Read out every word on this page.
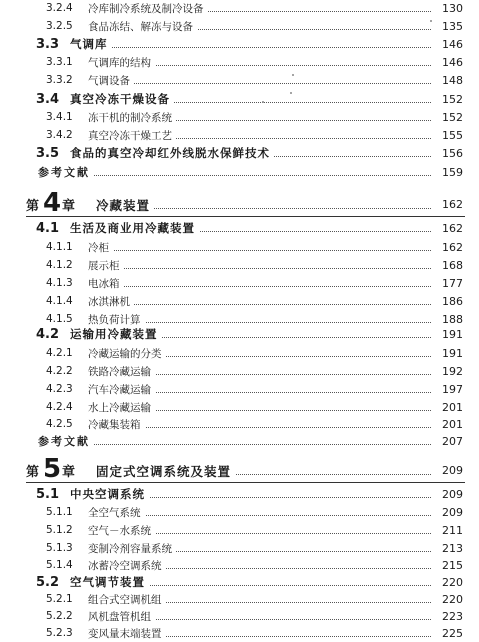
3.2.4 冷库制冷系统及制冷设备	130
3.2.5 食品冻结、解冻与设备	135
3.3 气调库	146
3.3.1 气调库的结构	146
3.3.2 气调设备	148
3.4 真空冷冻干燥设备	152
3.4.1 冻干机的制冷系统	152
3.4.2 真空冷冻干燥工艺	155
3.5 食品的真空冷却红外线脱水保鲜技术	156
参考文献	159
第 4 章 冷藏装置	162
4.1 生活及商业用冷藏装置	162
4.1.1 冷柜	162
4.1.2 展示柜	168
4.1.3 电冰箱	177
4.1.4 冰淇淋机	186
4.1.5 热负荷计算	188
4.2 运输用冷藏装置	191
4.2.1 冷藏运输的分类	191
4.2.2 铁路冷藏运输	192
4.2.3 汽车冷藏运输	197
4.2.4 水上冷藏运输	201
4.2.5 冷藏集装箱	201
参考文献	207
第 5 章 固定式空调系统及装置	209
5.1 中央空调系统	209
5.1.1 全空气系统	209
5.1.2 空气－水系统	211
5.1.3 变制冷剂容量系统	213
5.1.4 冰蓄冷空调系统	215
5.2 空气调节装置	220
5.2.1 组合式空调机组	220
5.2.2 风机盘管机组	223
5.2.3 变风量末端装置	225
